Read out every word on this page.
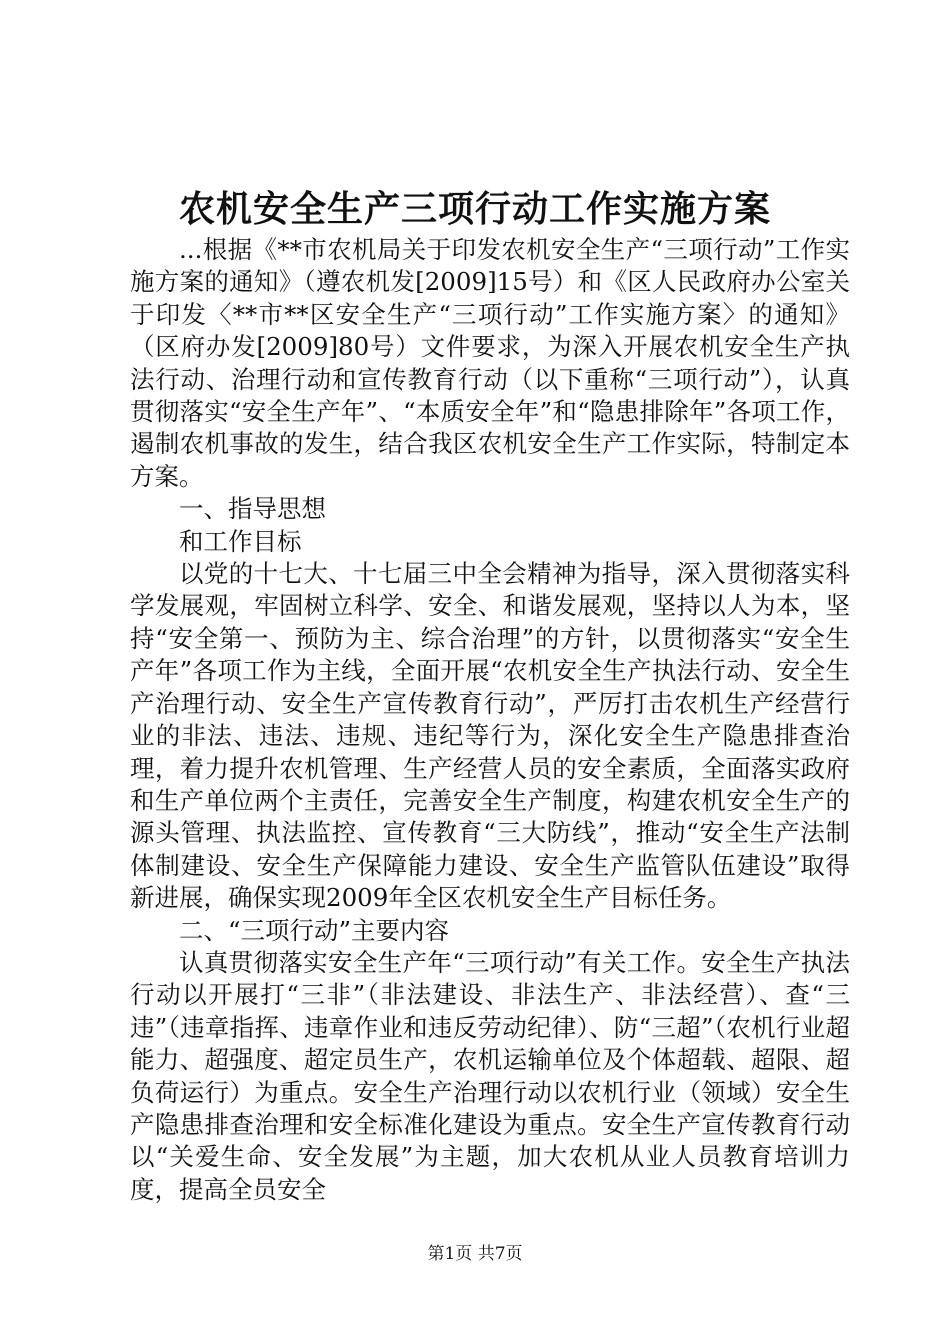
农机安全生产三项行动工作实施方案

...根据《**市农机局关于印发农机安全生产“三项行动”工作实施方案的通知》（遵农机发[2009]15号）和《区人民政府办公室关于印发〈**市**区安全生产“三项行动”工作实施方案〉的通知》（区府办发[2009]80号）文件要求，为深入开展农机安全生产执法行动、治理行动和宣传教育行动（以下重称“三项行动”），认真贯彻落实“安全生产年”、“本质安全年”和“隐患排除年”各项工作，遏制农机事故的发生，结合我区农机安全生产工作实际，特制定本方案。

一、指导思想

和工作目标

以党的十七大、十七届三中全会精神为指导，深入贯彻落实科学发展观，牢固树立科学、安全、和谐发展观，坚持以人为本，坚持“安全第一、预防为主、综合治理”的方针，以贯彻落实“安全生产年”各项工作为主线，全面开展“农机安全生产执法行动、安全生产治理行动、安全生产宣传教育行动”，严厉打击农机生产经营行业的非法、违法、违规、违纪等行为，深化安全生产隐患排查治理，着力提升农机管理、生产经营人员的安全素质，全面落实政府和生产单位两个主责任，完善安全生产制度，构建农机安全生产的源头管理、执法监控、宣传教育“三大防线”，推动“安全生产法制体制建设、安全生产保障能力建设、安全生产监管队伍建设”取得新进展，确保实现2009年全区农机安全生产目标任务。

二、“三项行动”主要内容

认真贯彻落实安全生产年“三项行动”有关工作。安全生产执法行动以开展打“三非”（非法建设、非法生产、非法经营）、查“三违”（违章指挥、违章作业和违反劳动纪律）、防“三超”（农机行业超能力、超强度、超定员生产，农机运输单位及个体超载、超限、超负荷运行）为重点。安全生产治理行动以农机行业（领域）安全生产隐患排查治理和安全标准化建设为重点。安全生产宣传教育行动以“关爱生命、安全发展”为主题，加大农机从业人员教育培训力度，提高全员安全

第1页 共7页
